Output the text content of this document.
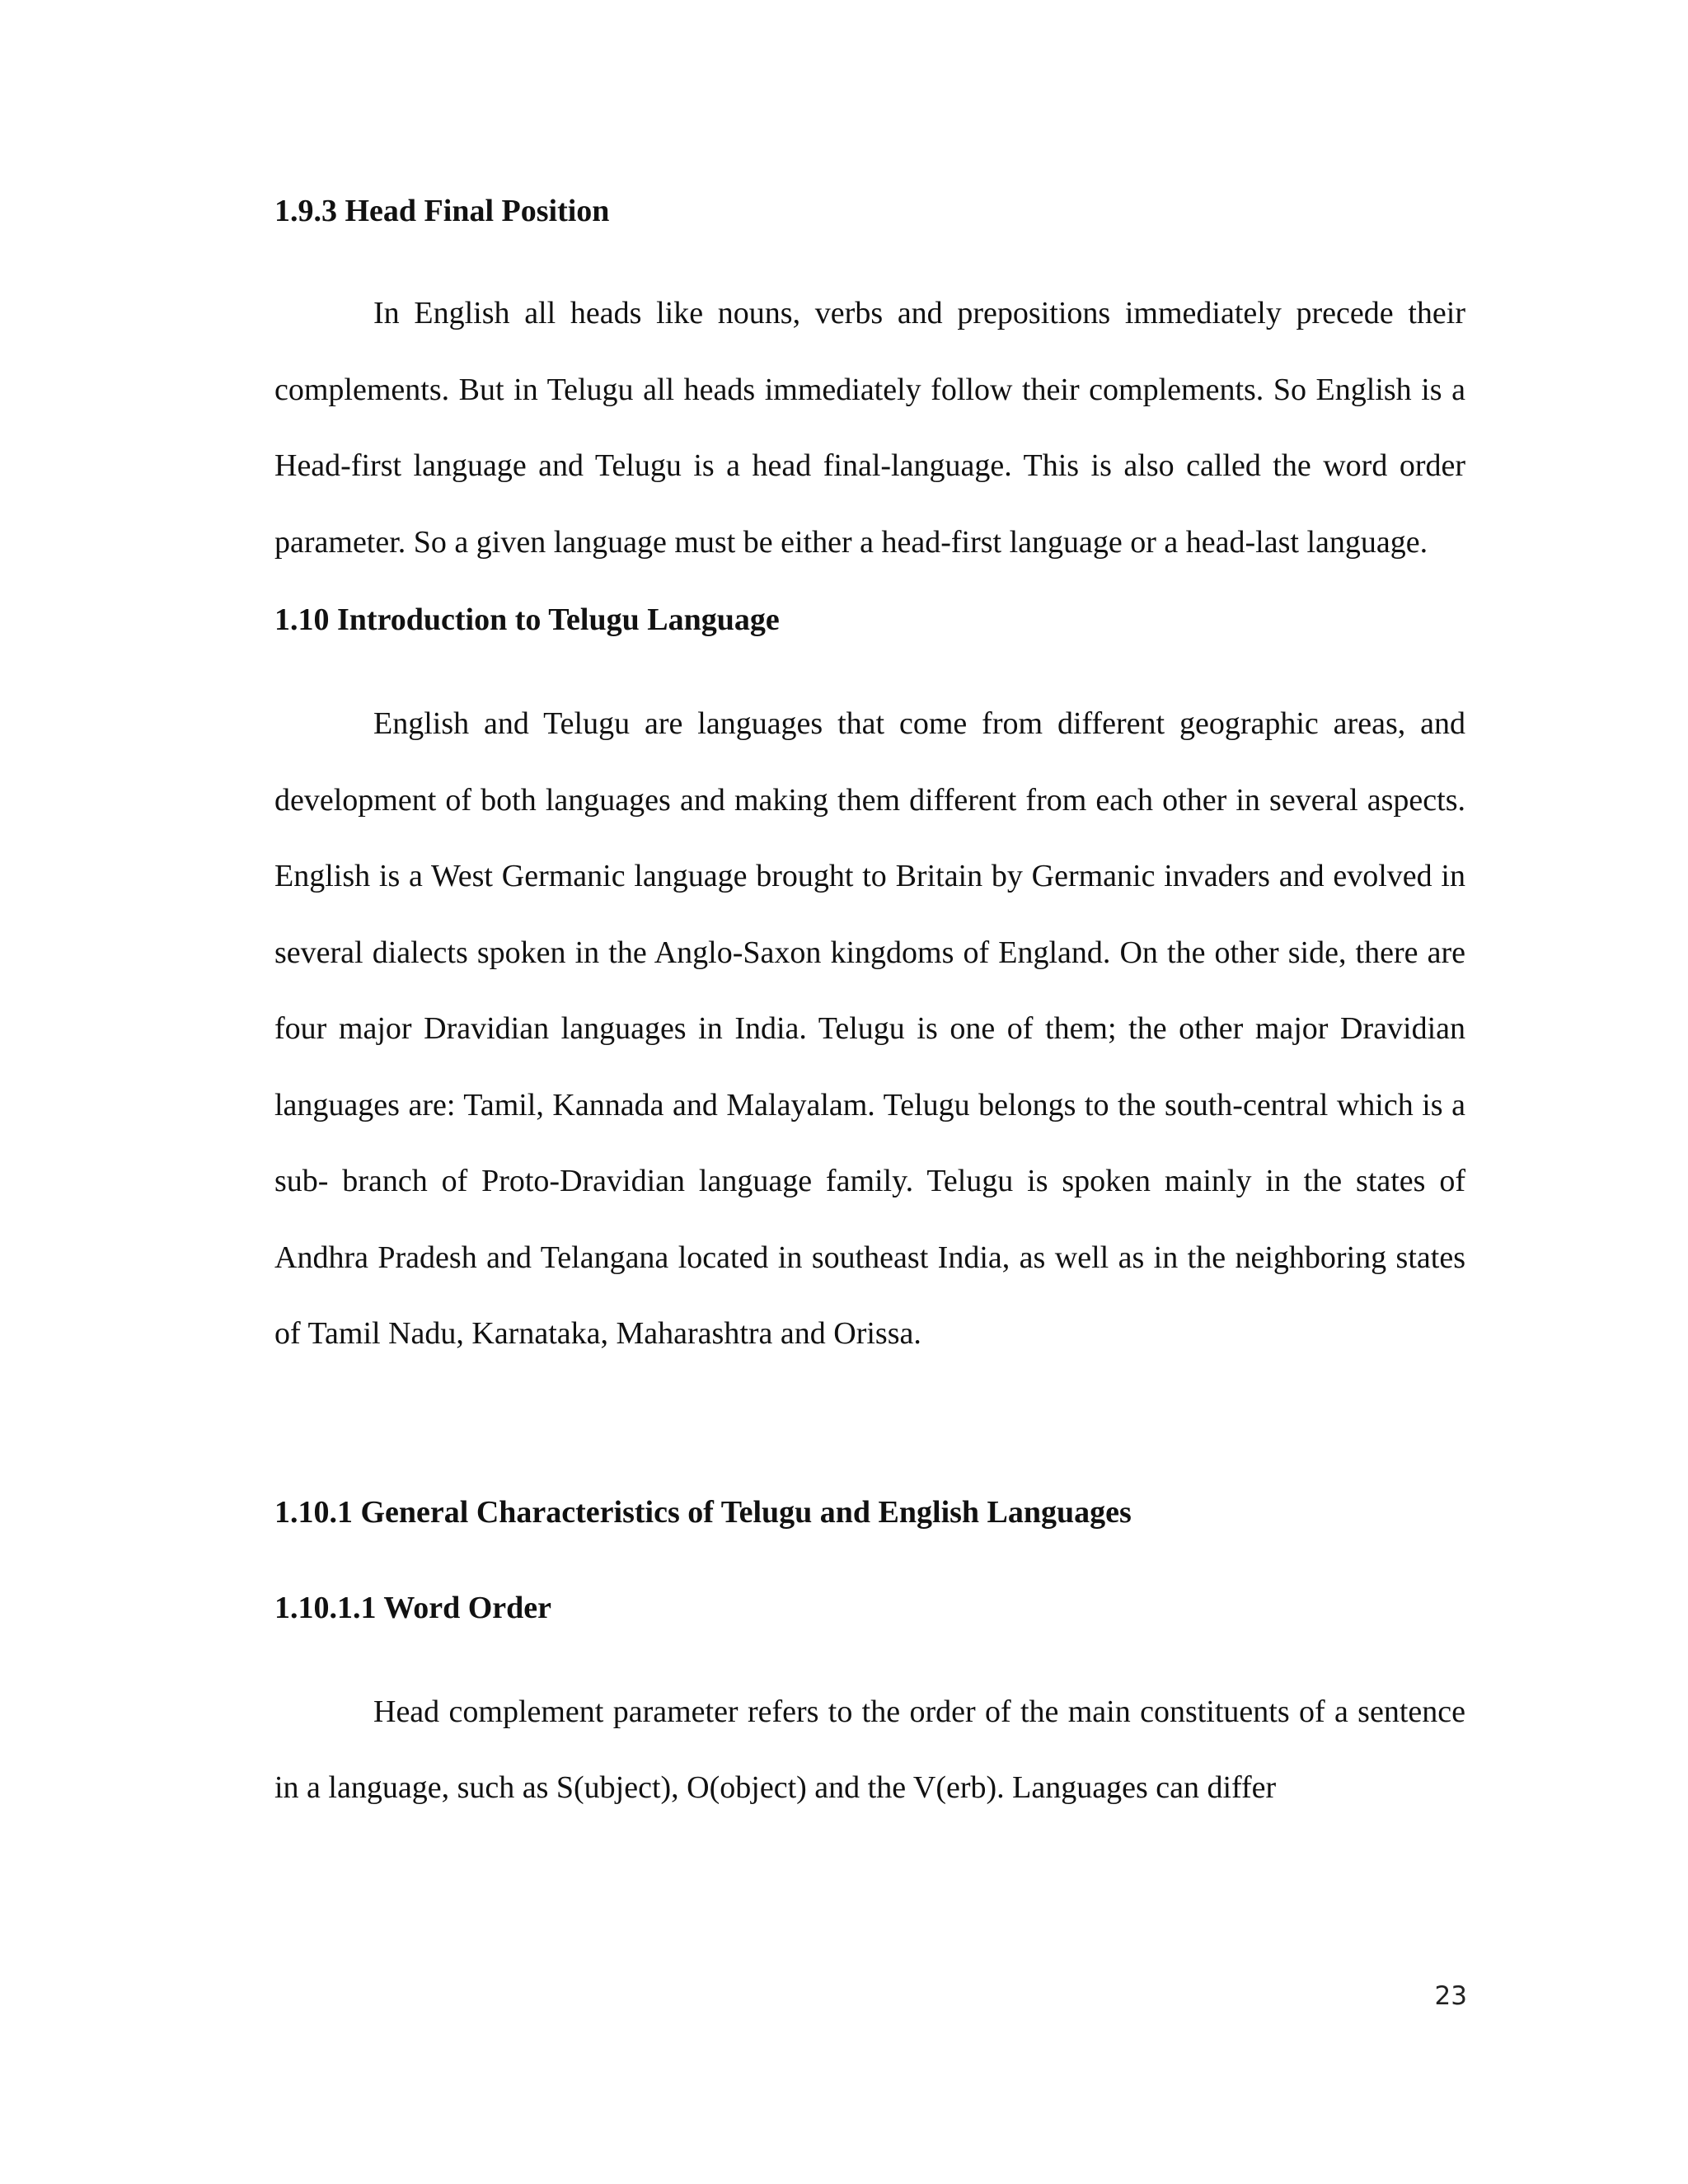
1.9.3 Head Final Position

In English all heads like nouns, verbs and prepositions immediately precede their complements. But in Telugu all heads immediately follow their complements. So English is a Head-first language and Telugu is a head final-language. This is also called the word order parameter. So a given language must be either a head-first language or a head-last language.

1.10 Introduction to Telugu Language

English and Telugu are languages that come from different geographic areas, and development of both languages and making them different from each other in several aspects. English is a West Germanic language brought to Britain by Germanic invaders and evolved in several dialects spoken in the Anglo-Saxon kingdoms of England. On the other side, there are four major Dravidian languages in India. Telugu is one of them; the other major Dravidian languages are: Tamil, Kannada and Malayalam. Telugu belongs to the south-central which is a sub- branch of Proto-Dravidian language family. Telugu is spoken mainly in the states of Andhra Pradesh and Telangana located in southeast India, as well as in the neighboring states of Tamil Nadu, Karnataka, Maharashtra and Orissa.

1.10.1 General Characteristics of Telugu and English Languages
1.10.1.1 Word Order

Head complement parameter refers to the order of the main constituents of a sentence in a language, such as S(ubject), O(object) and the V(erb). Languages can differ

23
